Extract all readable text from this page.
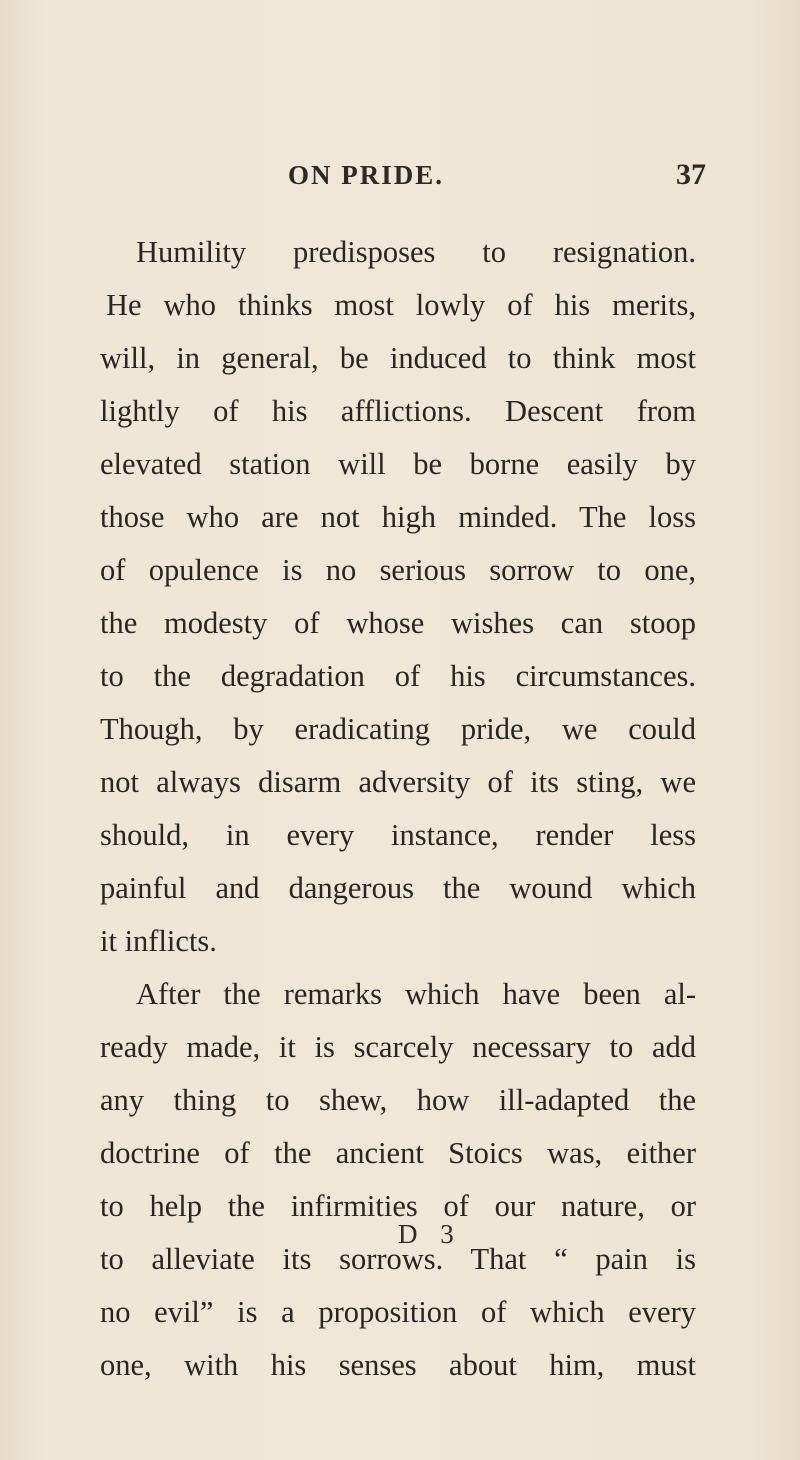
ON PRIDE.	37
Humility predisposes to resignation.
He who thinks most lowly of his merits,
will, in general, be induced to think most
lightly of his afflictions. Descent from
elevated station will be borne easily by
those who are not high minded. The loss
of opulence is no serious sorrow to one,
the modesty of whose wishes can stoop
to the degradation of his circumstances.
Though, by eradicating pride, we could
not always disarm adversity of its sting, we
should, in every instance, render less
painful and dangerous the wound which
it inflicts.
After the remarks which have been al-
ready made, it is scarcely necessary to add
any thing to shew, how ill-adapted the
doctrine of the ancient Stoics was, either
to help the infirmities of our nature, or
to alleviate its sorrows. That “ pain is
no evil” is a proposition of which every
one, with his senses about him, must
D 3
